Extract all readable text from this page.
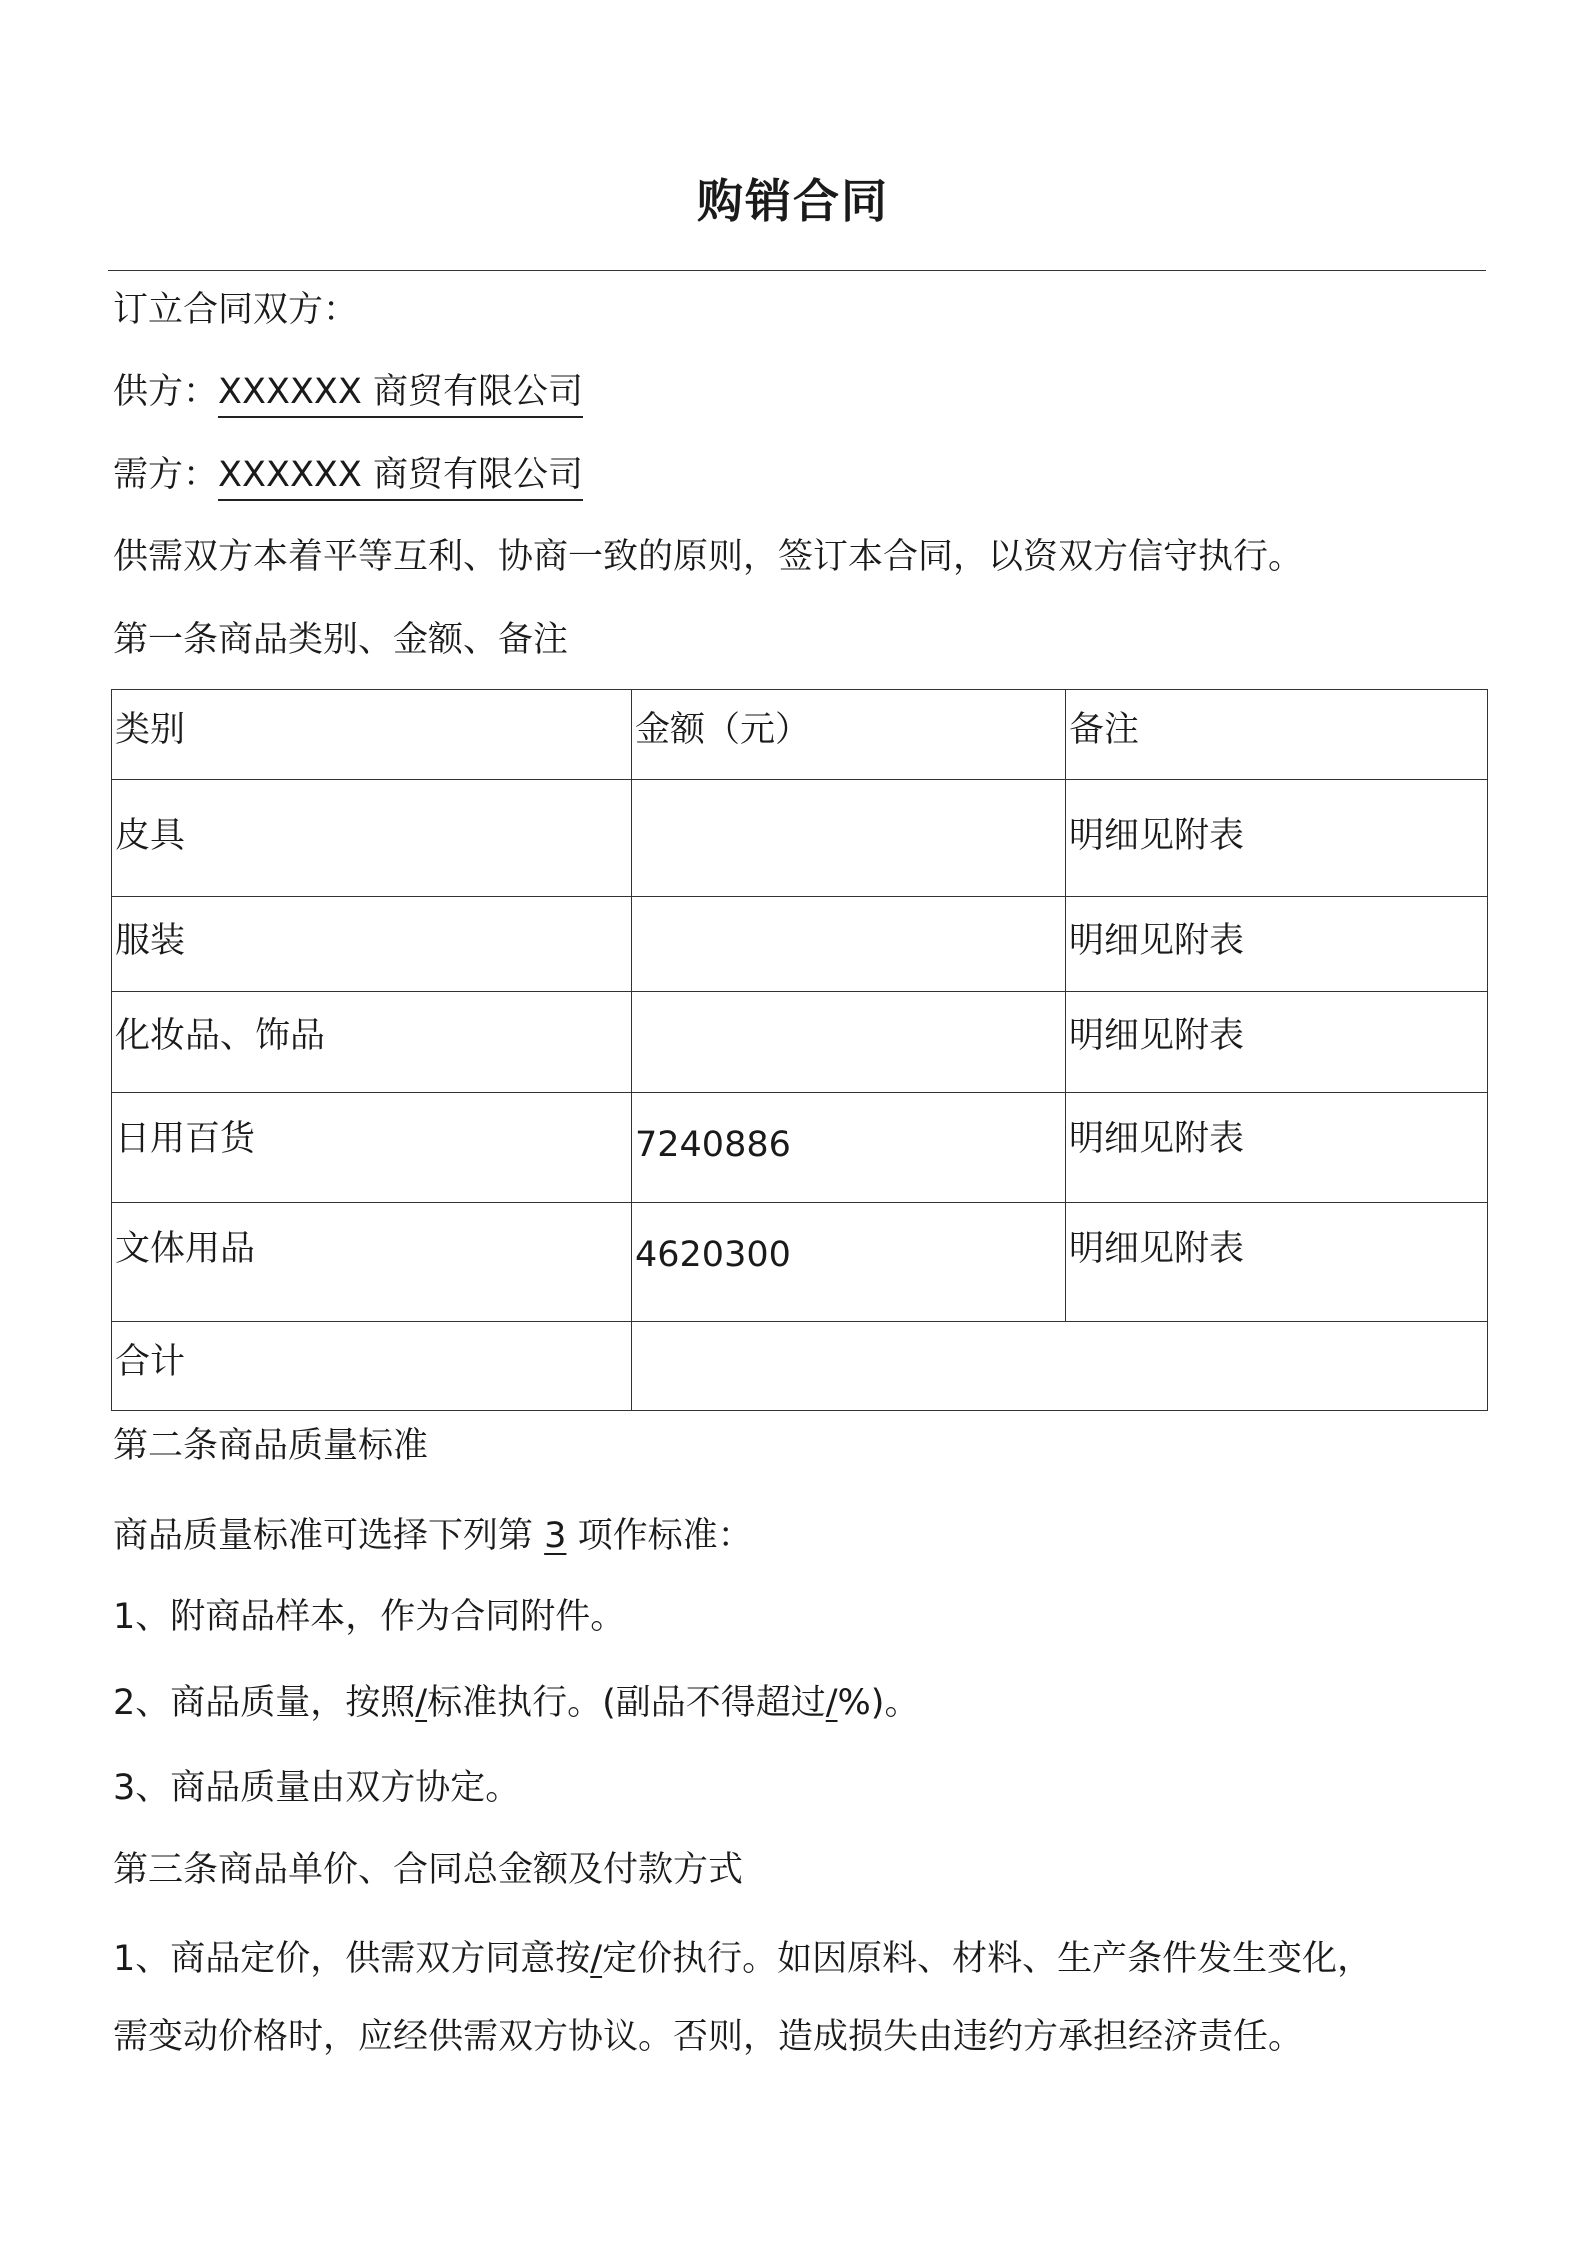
购销合同
订立合同双方：
供方：XXXXXX 商贸有限公司
需方：XXXXXX 商贸有限公司
供需双方本着平等互利、协商一致的原则，签订本合同，以资双方信守执行。
第一条商品类别、金额、备注
类别	金额（元）	备注
皮具		明细见附表
服装		明细见附表
化妆品、饰品		明细见附表
日用百货	7240886	明细见附表
文体用品	4620300	明细见附表
合计		
第二条商品质量标准
商品质量标准可选择下列第 3 项作标准：
1、附商品样本，作为合同附件。
2、商品质量，按照/标准执行。(副品不得超过/%)。
3、商品质量由双方协定。
第三条商品单价、合同总金额及付款方式
1、商品定价，供需双方同意按/定价执行。如因原料、材料、生产条件发生变化，
需变动价格时，应经供需双方协议。否则，造成损失由违约方承担经济责任。
